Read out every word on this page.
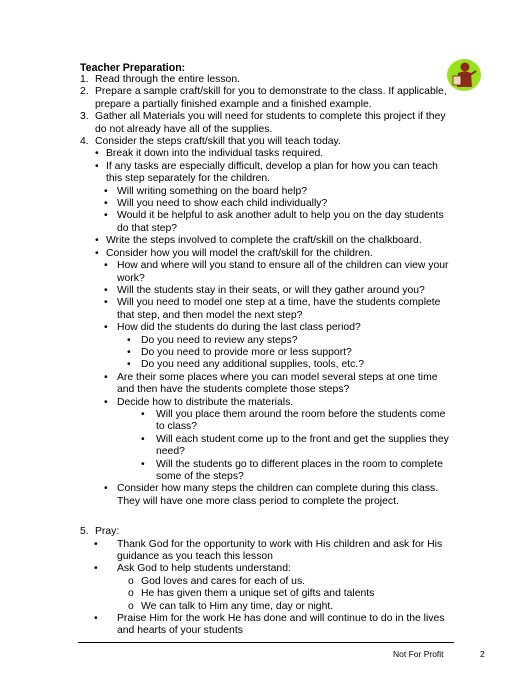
Teacher Preparation:
1. Read through the entire lesson.
2. Prepare a sample craft/skill for you to demonstrate to the class. If applicable, prepare a partially finished example and a finished example.
3. Gather all Materials you will need for students to complete this project if they do not already have all of the supplies.
4. Consider the steps craft/skill that you will teach today.
• Break it down into the individual tasks required.
• If any tasks are especially difficult, develop a plan for how you can teach this step separately for the children.
• Will writing something on the board help?
• Will you need to show each child individually?
• Would it be helpful to ask another adult to help you on the day students do that step?
• Write the steps involved to complete the craft/skill on the chalkboard.
• Consider how you will model the craft/skill for the children.
• How and where will you stand to ensure all of the children can view your work?
• Will the students stay in their seats, or will they gather around you?
• Will you need to model one step at a time, have the students complete that step, and then model the next step?
• How did the students do during the last class period?
• Do you need to review any steps?
• Do you need to provide more or less support?
• Do you need any additional supplies, tools, etc.?
• Are their some places where you can model several steps at one time and then have the students complete those steps?
• Decide how to distribute the materials.
• Will you place them around the room before the students come to class?
• Will each student come up to the front and get the supplies they need?
• Will the students go to different places in the room to complete some of the steps?
• Consider how many steps the children can complete during this class. They will have one more class period to complete the project.
5. Pray:
• Thank God for the opportunity to work with His children and ask for His guidance as you teach this lesson
• Ask God to help students understand:
o God loves and cares for each of us.
o He has given them a unique set of gifts and talents
o We can talk to Him any time, day or night.
• Praise Him for the work He has done and will continue to do in the lives and hearts of your students
Not For Profit	2
